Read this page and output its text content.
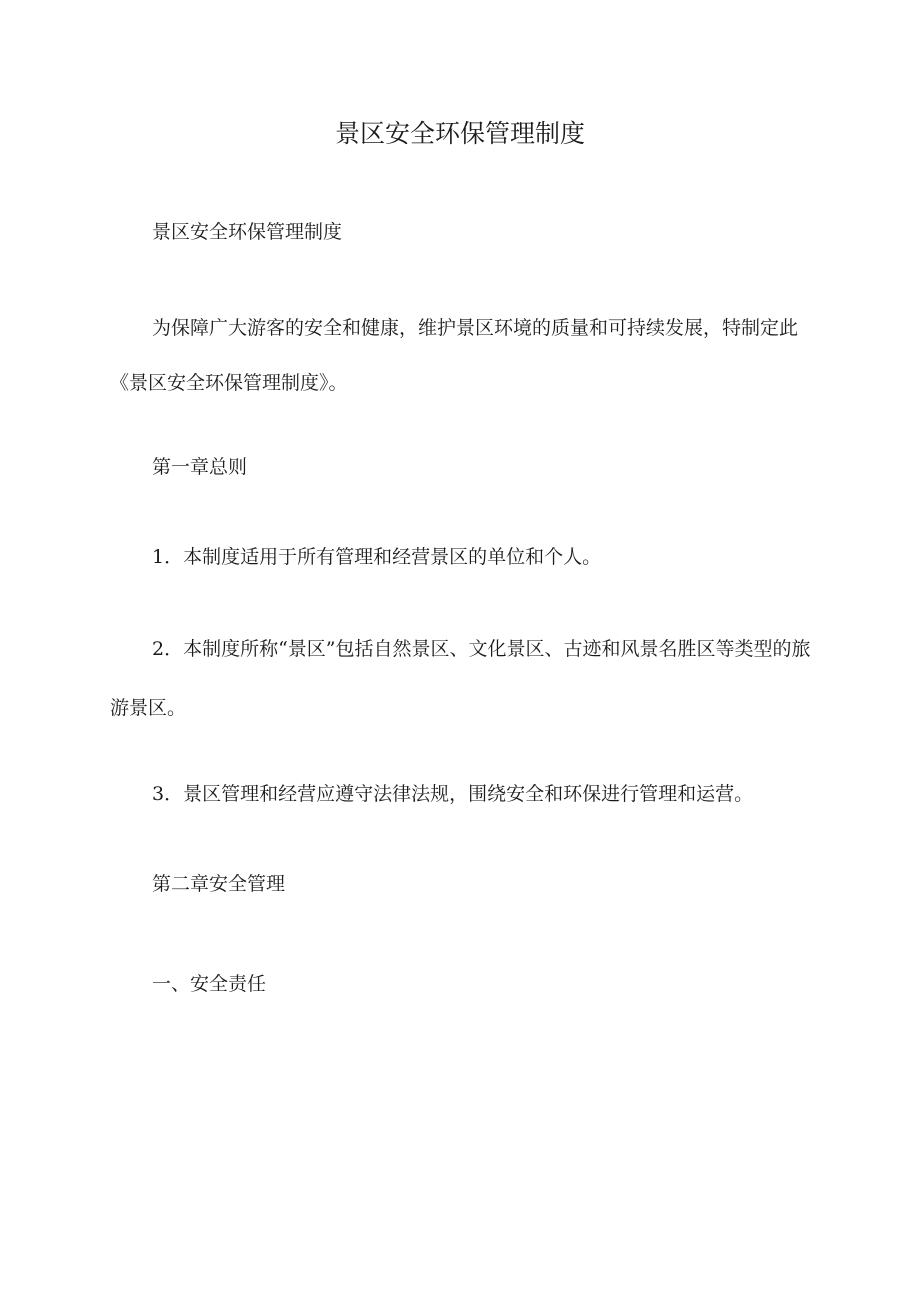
景区安全环保管理制度

景区安全环保管理制度

为保障广大游客的安全和健康，维护景区环境的质量和可持续发展，特制定此《景区安全环保管理制度》。

第一章总则

1．本制度适用于所有管理和经营景区的单位和个人。

2．本制度所称“景区”包括自然景区、文化景区、古迹和风景名胜区等类型的旅游景区。

3．景区管理和经营应遵守法律法规，围绕安全和环保进行管理和运营。

第二章安全管理

一、安全责任
